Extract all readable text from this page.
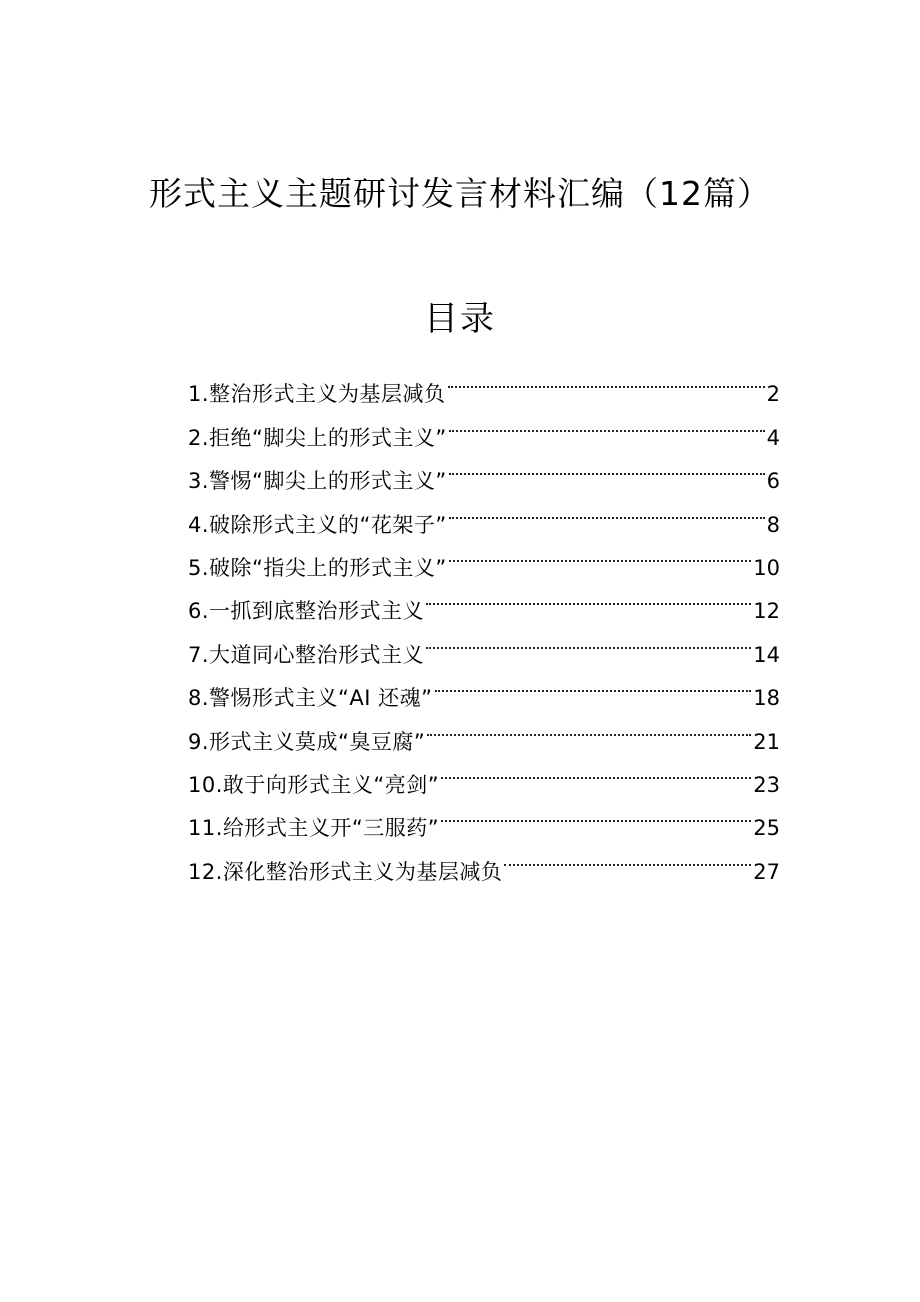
形式主义主题研讨发言材料汇编（12篇）
目录
1.整治形式主义为基层减负	2
2.拒绝“脚尖上的形式主义”	4
3.警惕“脚尖上的形式主义”	6
4.破除形式主义的“花架子”	8
5.破除“指尖上的形式主义”	10
6.一抓到底整治形式主义	12
7.大道同心整治形式主义	14
8.警惕形式主义“AI 还魂”	18
9.形式主义莫成“臭豆腐”	21
10.敢于向形式主义“亮剑”	23
11.给形式主义开“三服药”	25
12.深化整治形式主义为基层减负	27
